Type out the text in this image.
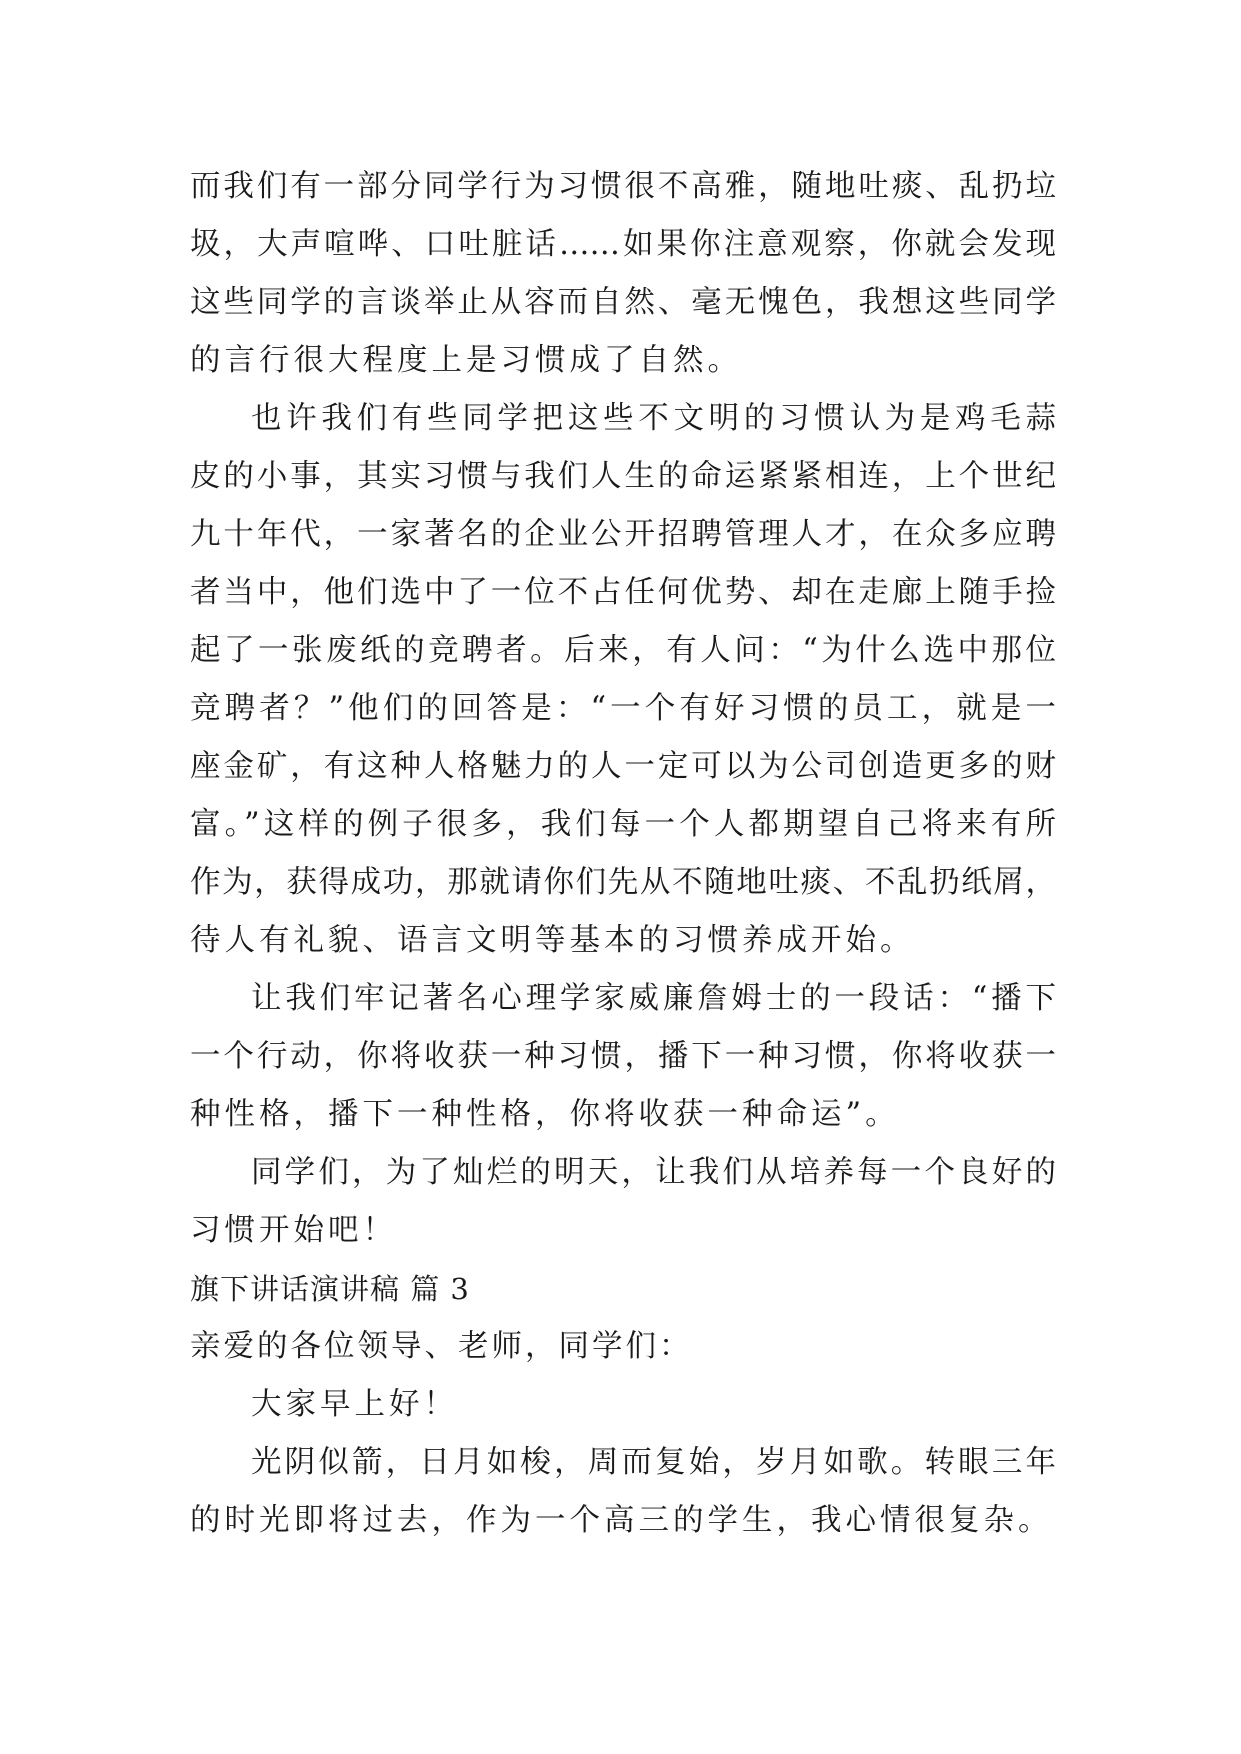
而我们有一部分同学行为习惯很不高雅，随地吐痰、乱扔垃
圾，大声喧哗、口吐脏话……如果你注意观察，你就会发现
这些同学的言谈举止从容而自然、毫无愧色，我想这些同学
的言行很大程度上是习惯成了自然。
也许我们有些同学把这些不文明的习惯认为是鸡毛蒜
皮的小事，其实习惯与我们人生的命运紧紧相连，上个世纪
九十年代，一家著名的企业公开招聘管理人才，在众多应聘
者当中，他们选中了一位不占任何优势、却在走廊上随手捡
起了一张废纸的竞聘者。后来，有人问：“为什么选中那位
竞聘者？”他们的回答是：“一个有好习惯的员工，就是一
座金矿，有这种人格魅力的人一定可以为公司创造更多的财
富。”这样的例子很多，我们每一个人都期望自己将来有所
作为，获得成功，那就请你们先从不随地吐痰、不乱扔纸屑，
待人有礼貌、语言文明等基本的习惯养成开始。
让我们牢记著名心理学家威廉詹姆士的一段话：“播下
一个行动，你将收获一种习惯，播下一种习惯，你将收获一
种性格，播下一种性格，你将收获一种命运”。
同学们，为了灿烂的明天，让我们从培养每一个良好的
习惯开始吧！
旗下讲话演讲稿 篇 3
亲爱的各位领导、老师，同学们：
大家早上好！
光阴似箭，日月如梭，周而复始，岁月如歌。转眼三年
的时光即将过去，作为一个高三的学生，我心情很复杂。
